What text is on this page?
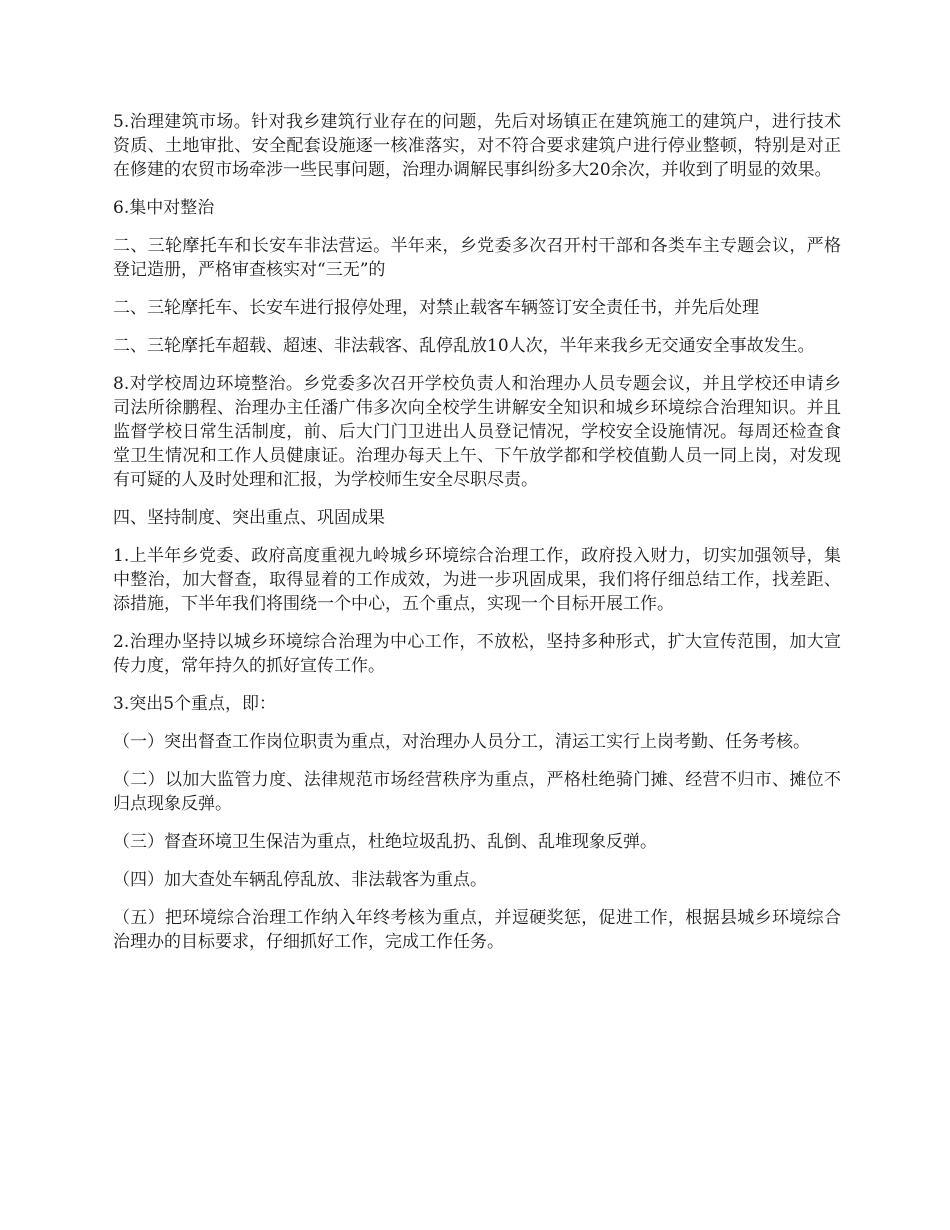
5.治理建筑市场。针对我乡建筑行业存在的问题，先后对场镇正在建筑施工的建筑户，进行技术资质、土地审批、安全配套设施逐一核准落实，对不符合要求建筑户进行停业整顿，特别是对正在修建的农贸市场牵涉一些民事问题，治理办调解民事纠纷多大20余次，并收到了明显的效果。

6.集中对整治

二、三轮摩托车和长安车非法营运。半年来，乡党委多次召开村干部和各类车主专题会议，严格登记造册，严格审查核实对“三无”的

二、三轮摩托车、长安车进行报停处理，对禁止载客车辆签订安全责任书，并先后处理

二、三轮摩托车超载、超速、非法载客、乱停乱放10人次，半年来我乡无交通安全事故发生。

8.对学校周边环境整治。乡党委多次召开学校负责人和治理办人员专题会议，并且学校还申请乡司法所徐鹏程、治理办主任潘广伟多次向全校学生讲解安全知识和城乡环境综合治理知识。并且监督学校日常生活制度，前、后大门门卫进出人员登记情况，学校安全设施情况。每周还检查食堂卫生情况和工作人员健康证。治理办每天上午、下午放学都和学校值勤人员一同上岗，对发现有可疑的人及时处理和汇报，为学校师生安全尽职尽责。

四、坚持制度、突出重点、巩固成果

1.上半年乡党委、政府高度重视九岭城乡环境综合治理工作，政府投入财力，切实加强领导，集中整治，加大督查，取得显着的工作成效，为进一步巩固成果，我们将仔细总结工作，找差距、添措施，下半年我们将围绕一个中心，五个重点，实现一个目标开展工作。

2.治理办坚持以城乡环境综合治理为中心工作，不放松，坚持多种形式，扩大宣传范围，加大宣传力度，常年持久的抓好宣传工作。

3.突出5个重点，即：

（一）突出督查工作岗位职责为重点，对治理办人员分工，清运工实行上岗考勤、任务考核。

（二）以加大监管力度、法律规范市场经营秩序为重点，严格杜绝骑门摊、经营不归市、摊位不归点现象反弹。

（三）督查环境卫生保洁为重点，杜绝垃圾乱扔、乱倒、乱堆现象反弹。

（四）加大查处车辆乱停乱放、非法载客为重点。

（五）把环境综合治理工作纳入年终考核为重点，并逗硬奖惩，促进工作，根据县城乡环境综合治理办的目标要求，仔细抓好工作，完成工作任务。
